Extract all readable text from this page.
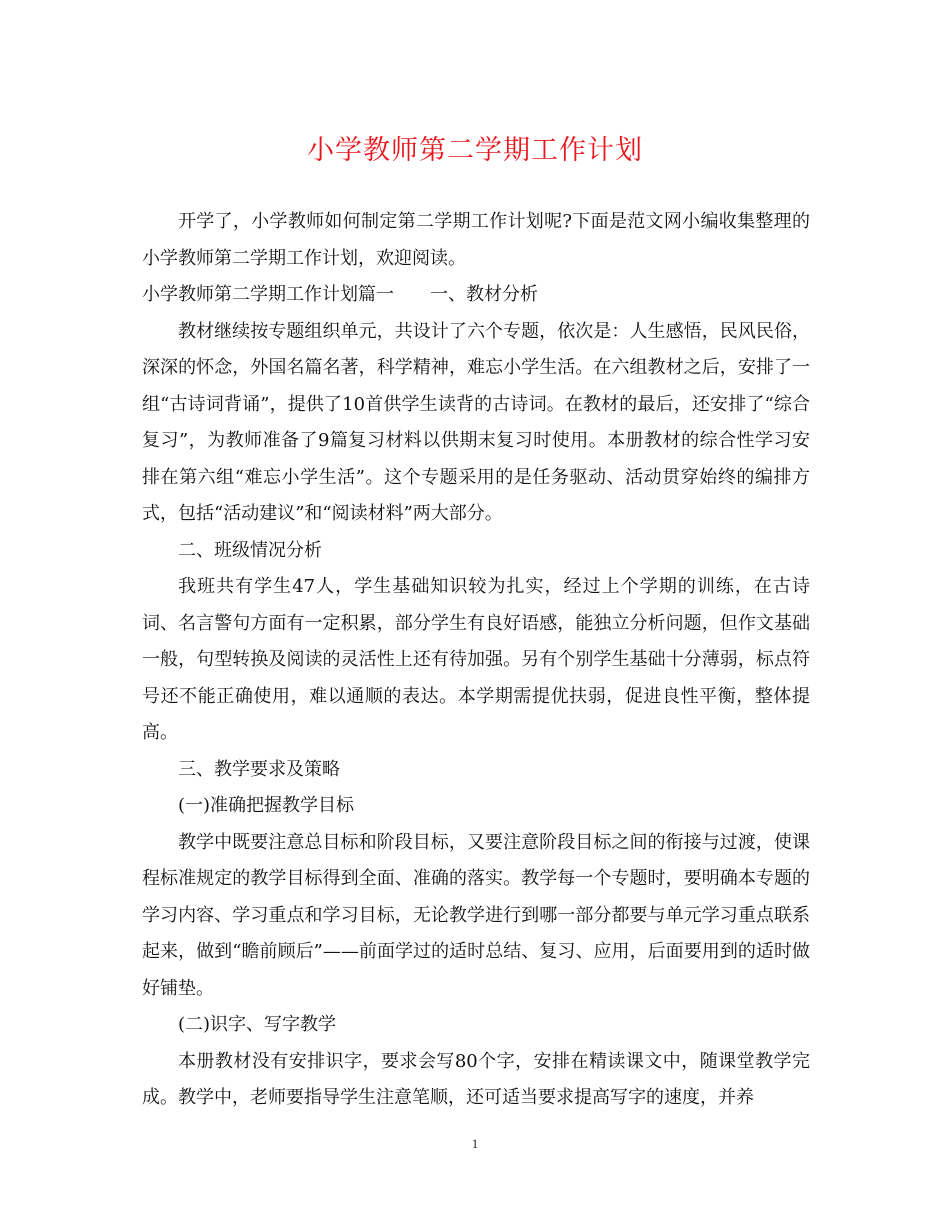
小学教师第二学期工作计划

开学了，小学教师如何制定第二学期工作计划呢?下面是范文网小编收集整理的小学教师第二学期工作计划，欢迎阅读。

小学教师第二学期工作计划篇一　　一、教材分析

教材继续按专题组织单元，共设计了六个专题，依次是：人生感悟，民风民俗，深深的怀念，外国名篇名著，科学精神，难忘小学生活。在六组教材之后，安排了一组“古诗词背诵”，提供了10首供学生读背的古诗词。在教材的最后，还安排了“综合复习”，为教师准备了9篇复习材料以供期末复习时使用。本册教材的综合性学习安排在第六组“难忘小学生活”。这个专题采用的是任务驱动、活动贯穿始终的编排方式，包括“活动建议”和“阅读材料”两大部分。

二、班级情况分析

我班共有学生47人，学生基础知识较为扎实，经过上个学期的训练，在古诗词、名言警句方面有一定积累，部分学生有良好语感，能独立分析问题，但作文基础一般，句型转换及阅读的灵活性上还有待加强。另有个别学生基础十分薄弱，标点符号还不能正确使用，难以通顺的表达。本学期需提优扶弱，促进良性平衡，整体提高。

三、教学要求及策略

(一)准确把握教学目标

教学中既要注意总目标和阶段目标，又要注意阶段目标之间的衔接与过渡，使课程标准规定的教学目标得到全面、准确的落实。教学每一个专题时，要明确本专题的学习内容、学习重点和学习目标，无论教学进行到哪一部分都要与单元学习重点联系起来，做到“瞻前顾后”——前面学过的适时总结、复习、应用，后面要用到的适时做好铺垫。

(二)识字、写字教学

本册教材没有安排识字，要求会写80个字，安排在精读课文中，随课堂教学完成。教学中，老师要指导学生注意笔顺，还可适当要求提高写字的速度，并养

1
